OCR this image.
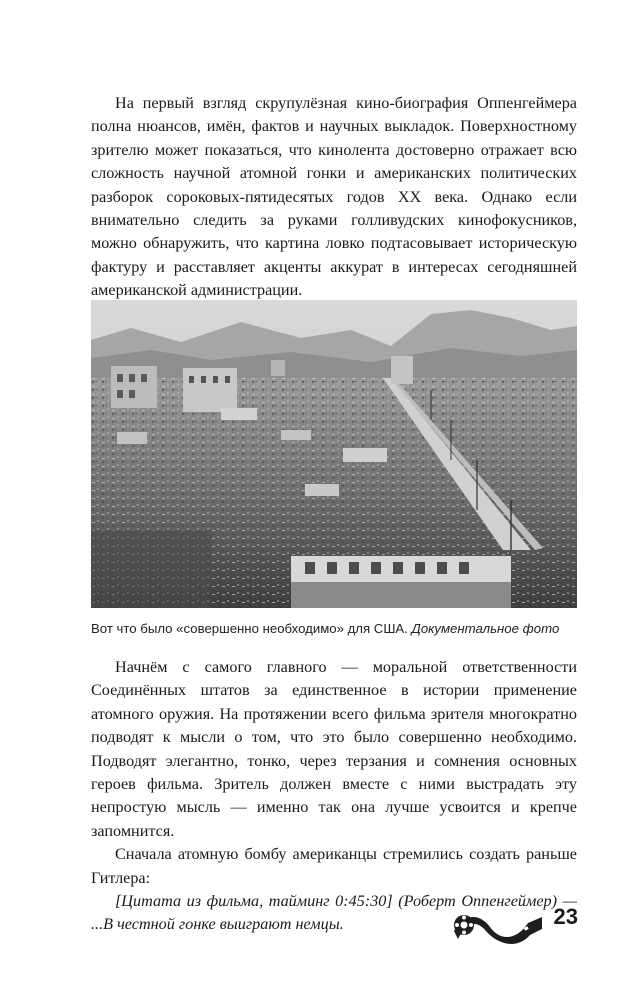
На первый взгляд скрупулёзная кино-биография Оппенгеймера полна нюансов, имён, фактов и научных выкладок. Поверхностному зрителю может показаться, что кинолента достоверно отражает всю сложность научной атомной гонки и американских политических разборок сороковых-пятидесятых годов XX века. Однако если внимательно следить за руками голливудских кинофокусников, можно обнаружить, что картина ловко подтасовывает историческую фактуру и расставляет акценты аккурат в интересах сегодняшней американской администрации.

Вот что было «совершенно необходимо» для США. Документальное фото

Начнём с самого главного — моральной ответственности Соединённых штатов за единственное в истории применение атомного оружия. На протяжении всего фильма зрителя многократно подводят к мысли о том, что это было совершенно необходимо. Подводят элегантно, тонко, через терзания и сомнения основных героев фильма. Зритель должен вместе с ними выстрадать эту непростую мысль — именно так она лучше усвоится и крепче запомнится.

Сначала атомную бомбу американцы стремились создать раньше Гитлера:

[Цитата из фильма, тайминг 0:45:30] (Роберт Оппенгеймер) — ...В честной гонке выиграют немцы.	23
